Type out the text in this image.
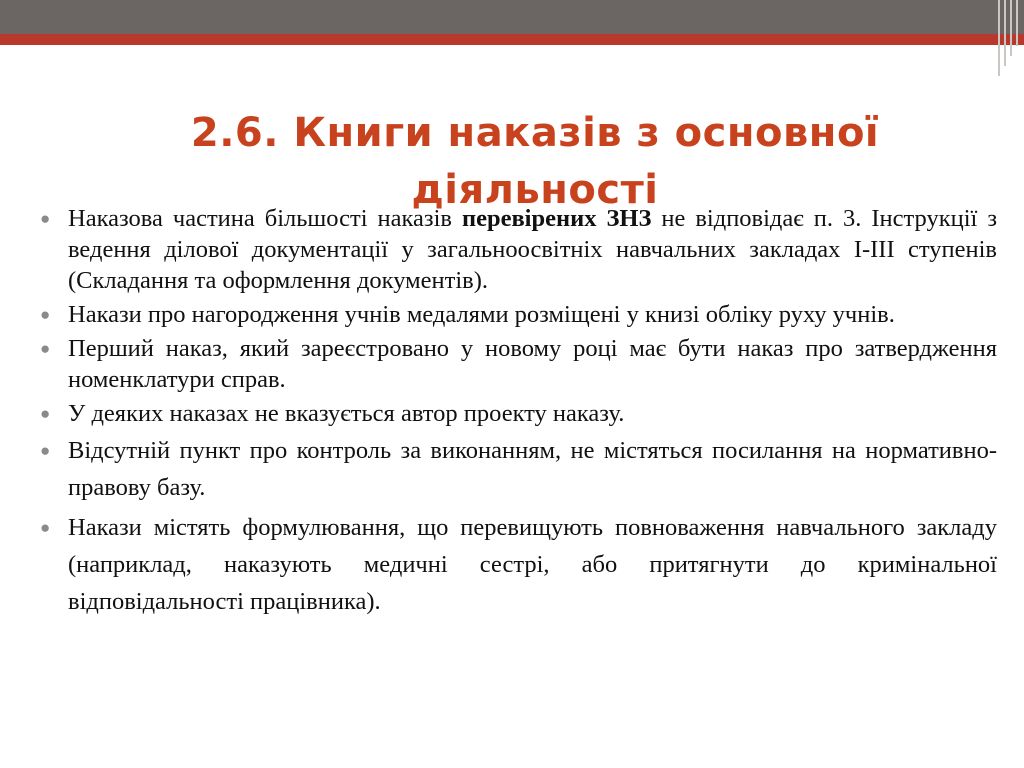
2.6. Книги наказів з основної діяльності
● Наказова частина більшості наказів перевірених ЗНЗ не відповідає п. 3. Інструкції з ведення ділової документації у загальноосвітніх навчальних закладах І-ІІІ ступенів (Складання та оформлення документів).
● Накази про нагородження учнів медалями розміщені у книзі обліку руху учнів.
● Перший наказ, який зареєстровано у новому році має бути наказ про затвердження номенклатури справ.
● У деяких наказах не вказується автор проекту наказу.
● Відсутній пункт про контроль за виконанням, не містяться посилання на нормативно-правову базу.
● Накази містять формулювання, що перевищують повноваження навчального закладу (наприклад, наказують медичні сестрі, або притягнути до кримінальної відповідальності працівника).
